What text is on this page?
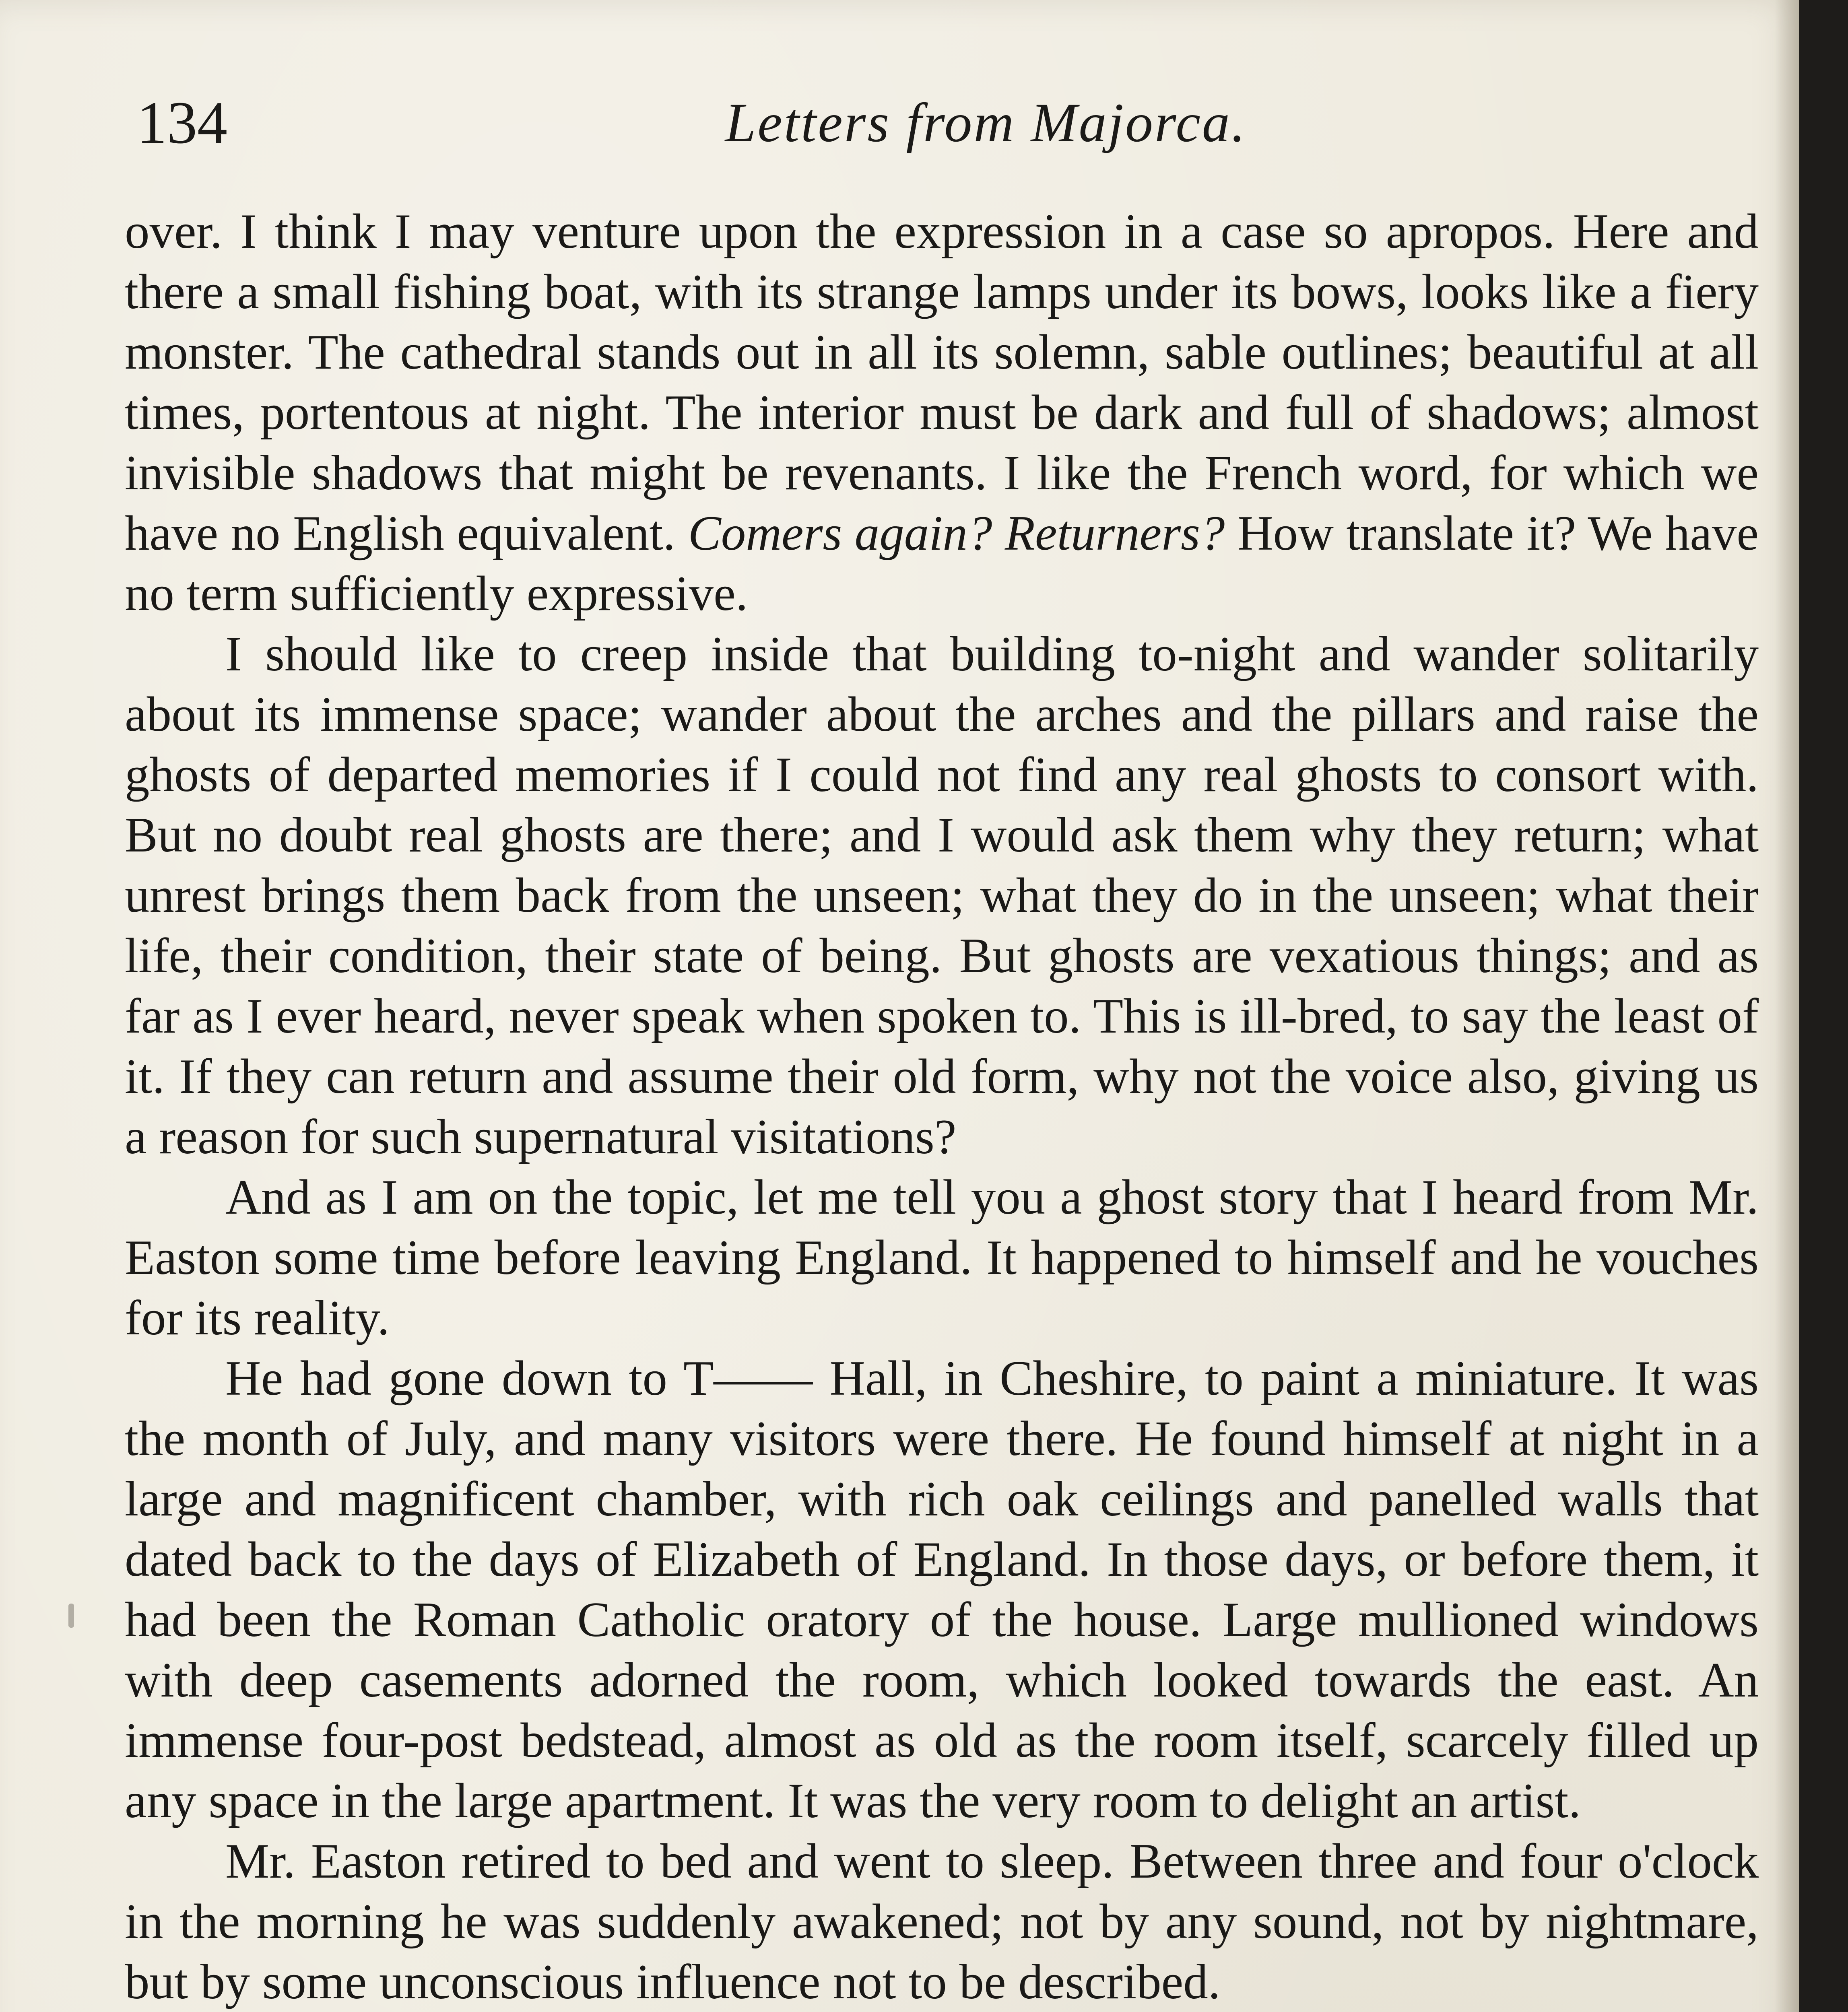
134	Letters from Majorca.

over. I think I may venture upon the expression in a case so apropos. Here and there a small fishing boat, with its strange lamps under its bows, looks like a fiery monster. The cathedral stands out in all its solemn, sable outlines; beautiful at all times, portentous at night. The interior must be dark and full of shadows; almost invisible shadows that might be revenants. I like the French word, for which we have no English equivalent. Comers again? Returners? How translate it? We have no term sufficiently expressive.

I should like to creep inside that building to-night and wander solitarily about its immense space; wander about the arches and the pillars and raise the ghosts of departed memories if I could not find any real ghosts to consort with. But no doubt real ghosts are there; and I would ask them why they return; what unrest brings them back from the unseen; what they do in the unseen; what their life, their condition, their state of being. But ghosts are vexatious things; and as far as I ever heard, never speak when spoken to. This is ill-bred, to say the least of it. If they can return and assume their old form, why not the voice also, giving us a reason for such supernatural visitations?

And as I am on the topic, let me tell you a ghost story that I heard from Mr. Easton some time before leaving England. It happened to himself and he vouches for its reality.

He had gone down to T—— Hall, in Cheshire, to paint a miniature. It was the month of July, and many visitors were there. He found himself at night in a large and magnificent chamber, with rich oak ceilings and panelled walls that dated back to the days of Elizabeth of England. In those days, or before them, it had been the Roman Catholic oratory of the house. Large mullioned windows with deep casements adorned the room, which looked towards the east. An immense four-post bedstead, almost as old as the room itself, scarcely filled up any space in the large apartment. It was the very room to delight an artist.

Mr. Easton retired to bed and went to sleep. Between three and four o'clock in the morning he was suddenly awakened; not by any sound, not by nightmare, but by some unconscious influence not to be described.
